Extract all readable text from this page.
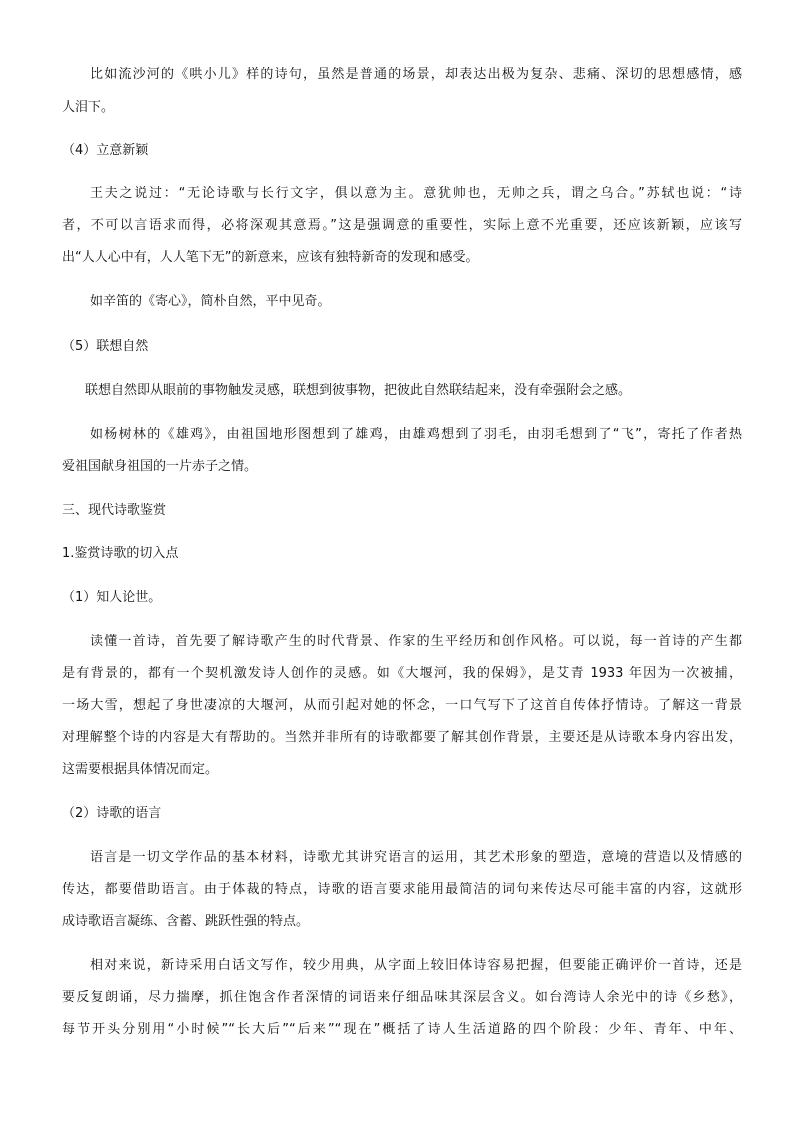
比如流沙河的《哄小儿》样的诗句，虽然是普通的场景，却表达出极为复杂、悲痛、深切的思想感情，感
人泪下。
（4）立意新颖
王夫之说过：“无论诗歌与长行文字，俱以意为主。意犹帅也，无帅之兵，谓之乌合。”苏轼也说：“诗
者，不可以言语求而得，必将深观其意焉。”这是强调意的重要性，实际上意不光重要，还应该新颖，应该写
出“人人心中有，人人笔下无”的新意来，应该有独特新奇的发现和感受。
如辛笛的《寄心》，简朴自然，平中见奇。
（5）联想自然
联想自然即从眼前的事物触发灵感，联想到彼事物，把彼此自然联结起来，没有牵强附会之感。
如杨树林的《雄鸡》，由祖国地形图想到了雄鸡，由雄鸡想到了羽毛，由羽毛想到了“飞”，寄托了作者热
爱祖国献身祖国的一片赤子之情。
三、现代诗歌鉴赏
1.鉴赏诗歌的切入点
（1）知人论世。
读懂一首诗，首先要了解诗歌产生的时代背景、作家的生平经历和创作风格。可以说，每一首诗的产生都
是有背景的，都有一个契机激发诗人创作的灵感。如《大堰河，我的保姆》，是艾青 1933 年因为一次被捕，
一场大雪，想起了身世凄凉的大堰河，从而引起对她的怀念，一口气写下了这首自传体抒情诗。了解这一背景
对理解整个诗的内容是大有帮助的。当然并非所有的诗歌都要了解其创作背景，主要还是从诗歌本身内容出发，
这需要根据具体情况而定。
（2）诗歌的语言
语言是一切文学作品的基本材料，诗歌尤其讲究语言的运用，其艺术形象的塑造，意境的营造以及情感的
传达，都要借助语言。由于体裁的特点，诗歌的语言要求能用最简洁的词句来传达尽可能丰富的内容，这就形
成诗歌语言凝练、含蓄、跳跃性强的特点。
相对来说，新诗采用白话文写作，较少用典，从字面上较旧体诗容易把握，但要能正确评价一首诗，还是
要反复朗诵，尽力揣摩，抓住饱含作者深情的词语来仔细品味其深层含义。如台湾诗人余光中的诗《乡愁》，
每节开头分别用“小时候”“长大后”“后来”“现在”概括了诗人生活道路的四个阶段：少年、青年、中年、
